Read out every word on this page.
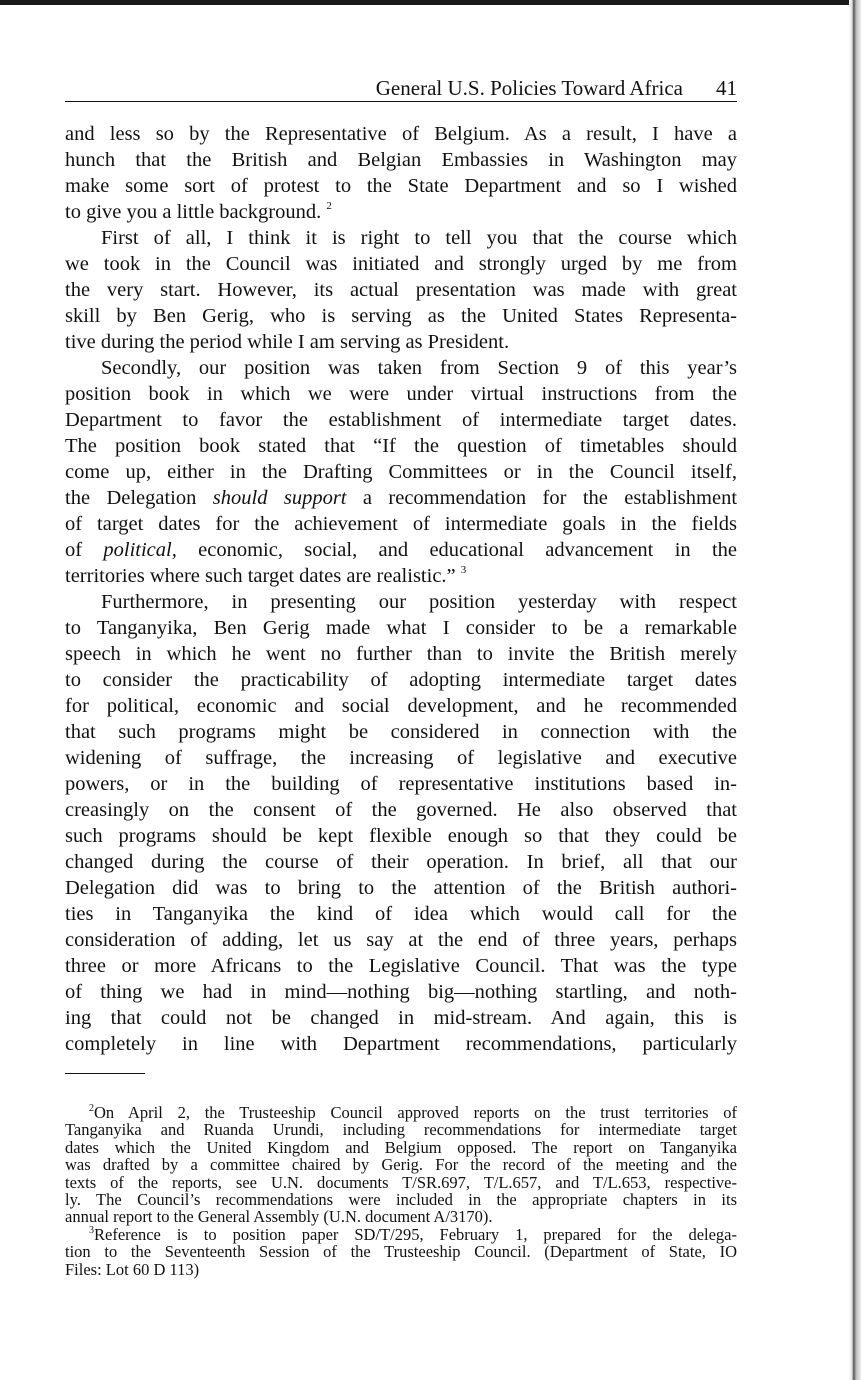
General U.S. Policies Toward Africa 41
and less so by the Representative of Belgium. As a result, I have a
hunch that the British and Belgian Embassies in Washington may
make some sort of protest to the State Department and so I wished
to give you a little background. $^2$
First of all, I think it is right to tell you that the course which
we took in the Council was initiated and strongly urged by me from
the very start. However, its actual presentation was made with great
skill by Ben Gerig, who is serving as the United States Representa-
tive during the period while I am serving as President.
Secondly, our position was taken from Section 9 of this year’s
position book in which we were under virtual instructions from the
Department to favor the establishment of intermediate target dates.
The position book stated that “If the question of timetables should
come up, either in the Drafting Committees or in the Council itself,
the Delegation should support a recommendation for the establishment
of target dates for the achievement of intermediate goals in the fields
of political, economic, social, and educational advancement in the
territories where such target dates are realistic.” $^3$
Furthermore, in presenting our position yesterday with respect
to Tanganyika, Ben Gerig made what I consider to be a remarkable
speech in which he went no further than to invite the British merely
to consider the practicability of adopting intermediate target dates
for political, economic and social development, and he recommended
that such programs might be considered in connection with the
widening of suffrage, the increasing of legislative and executive
powers, or in the building of representative institutions based in-
creasingly on the consent of the governed. He also observed that
such programs should be kept flexible enough so that they could be
changed during the course of their operation. In brief, all that our
Delegation did was to bring to the attention of the British authori-
ties in Tanganyika the kind of idea which would call for the
consideration of adding, let us say at the end of three years, perhaps
three or more Africans to the Legislative Council. That was the type
of thing we had in mind—nothing big—nothing startling, and noth-
ing that could not be changed in mid-stream. And again, this is
completely in line with Department recommendations, particularly
$^2$On April 2, the Trusteeship Council approved reports on the trust territories of
Tanganyika and Ruanda Urundi, including recommendations for intermediate target
dates which the United Kingdom and Belgium opposed. The report on Tanganyika
was drafted by a committee chaired by Gerig. For the record of the meeting and the
texts of the reports, see U.N. documents T/SR.697, T/L.657, and T/L.653, respective-
ly. The Council’s recommendations were included in the appropriate chapters in its
annual report to the General Assembly (U.N. document A/3170).
$^3$Reference is to position paper SD/T/295, February 1, prepared for the delega-
tion to the Seventeenth Session of the Trusteeship Council. (Department of State, IO
Files: Lot 60 D 113)
